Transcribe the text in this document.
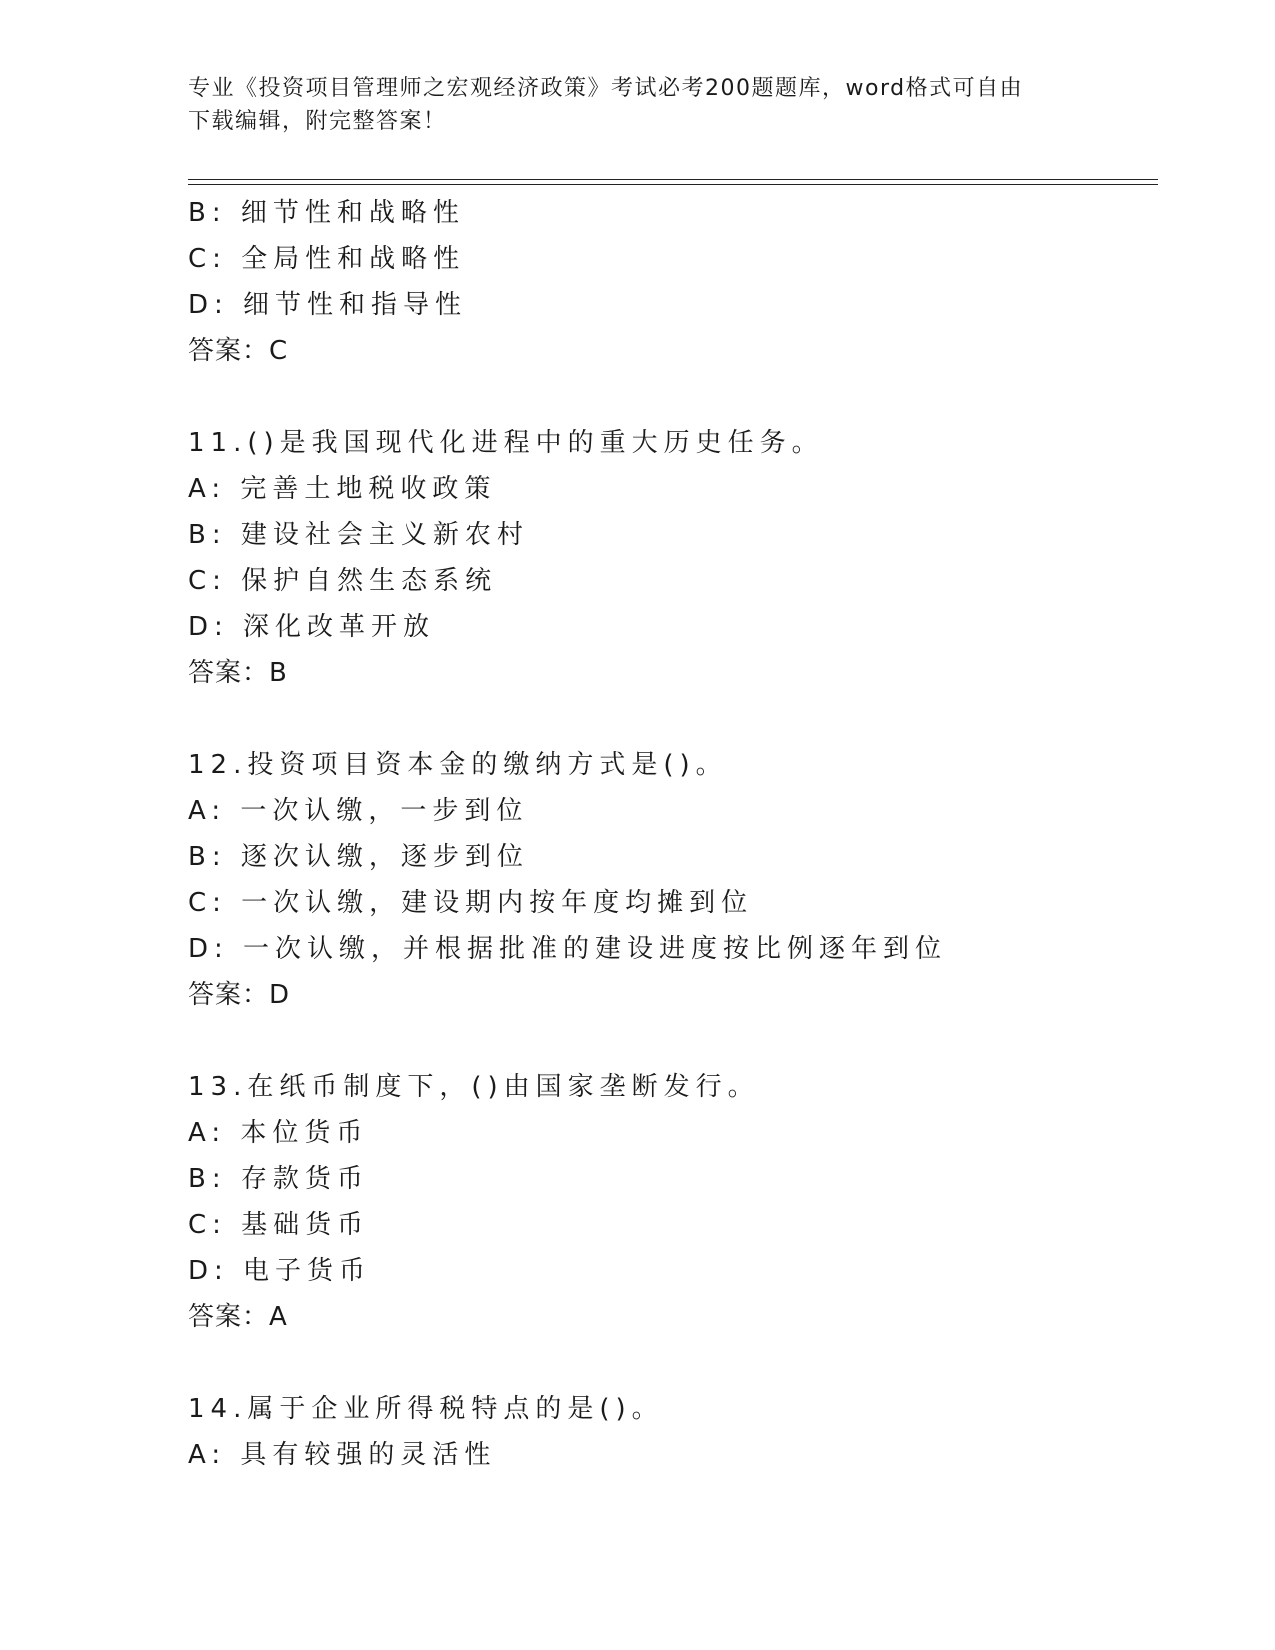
专业《投资项目管理师之宏观经济政策》考试必考200题题库，word格式可自由
下载编辑，附完整答案！
B: 细节性和战略性
C: 全局性和战略性
D: 细节性和指导性
答案：C
11.()是我国现代化进程中的重大历史任务。
A: 完善土地税收政策
B: 建设社会主义新农村
C: 保护自然生态系统
D: 深化改革开放
答案：B
12.投资项目资本金的缴纳方式是()。
A: 一次认缴，一步到位
B: 逐次认缴，逐步到位
C: 一次认缴，建设期内按年度均摊到位
D: 一次认缴，并根据批准的建设进度按比例逐年到位
答案：D
13.在纸币制度下，()由国家垄断发行。
A: 本位货币
B: 存款货币
C: 基础货币
D: 电子货币
答案：A
14.属于企业所得税特点的是()。
A: 具有较强的灵活性
